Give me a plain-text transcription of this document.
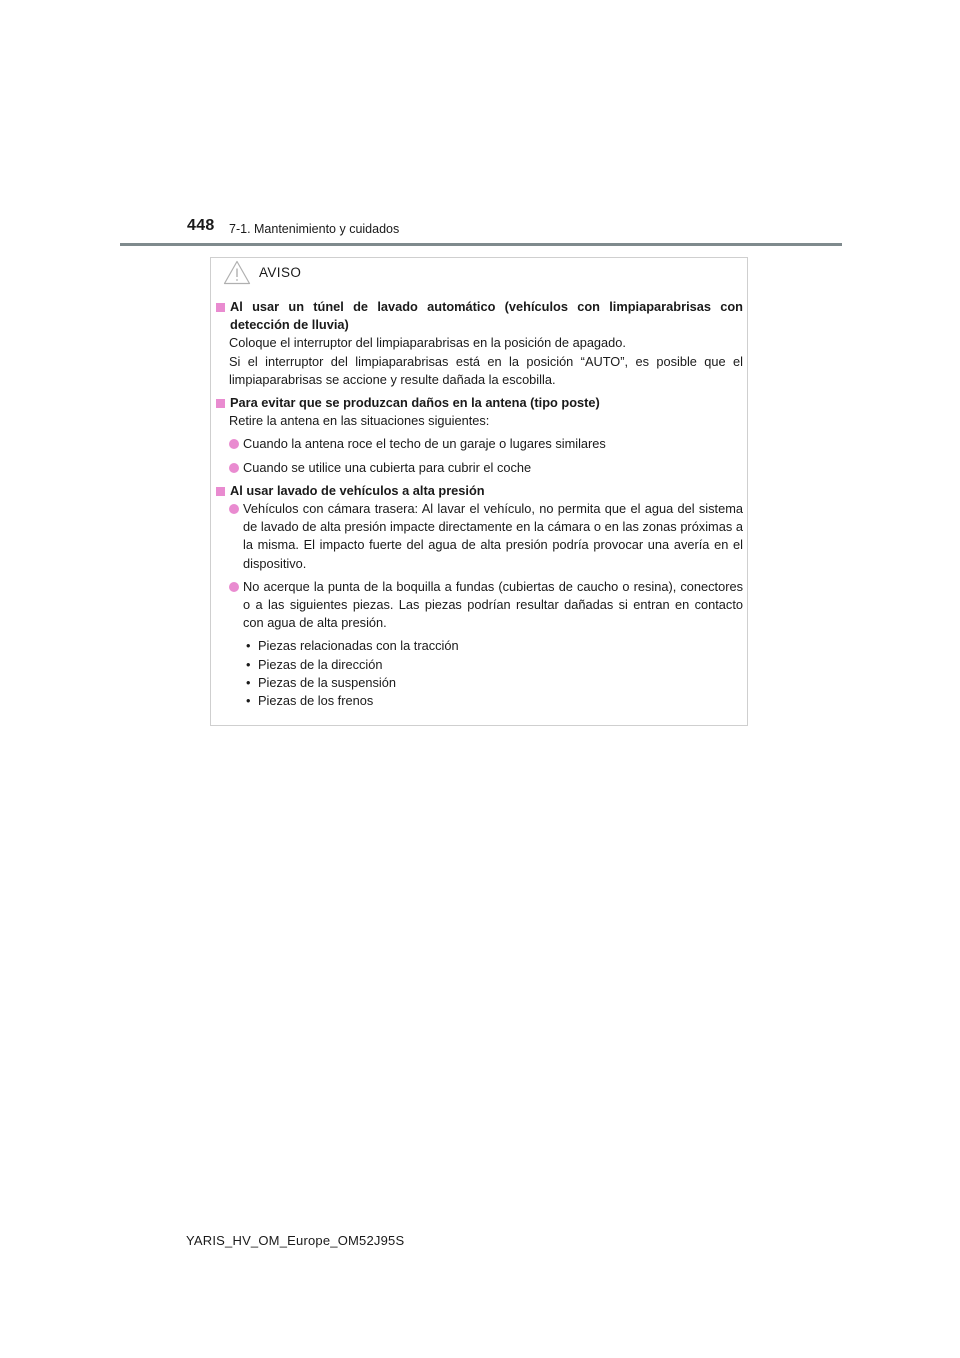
448 7-1. Mantenimiento y cuidados
AVISO
Al usar un túnel de lavado automático (vehículos con limpiaparabrisas con detección de lluvia)
Coloque el interruptor del limpiaparabrisas en la posición de apagado.
Si el interruptor del limpiaparabrisas está en la posición “AUTO”, es posible que el limpiaparabrisas se accione y resulte dañada la escobilla.
Para evitar que se produzcan daños en la antena (tipo poste)
Retire la antena en las situaciones siguientes:
Cuando la antena roce el techo de un garaje o lugares similares
Cuando se utilice una cubierta para cubrir el coche
Al usar lavado de vehículos a alta presión
Vehículos con cámara trasera: Al lavar el vehículo, no permita que el agua del sistema de lavado de alta presión impacte directamente en la cámara o en las zonas próximas a la misma. El impacto fuerte del agua de alta presión podría provocar una avería en el dispositivo.
No acerque la punta de la boquilla a fundas (cubiertas de caucho o resina), conectores o a las siguientes piezas. Las piezas podrían resultar dañadas si entran en contacto con agua de alta presión.
• Piezas relacionadas con la tracción
• Piezas de la dirección
• Piezas de la suspensión
• Piezas de los frenos
YARIS_HV_OM_Europe_OM52J95S
